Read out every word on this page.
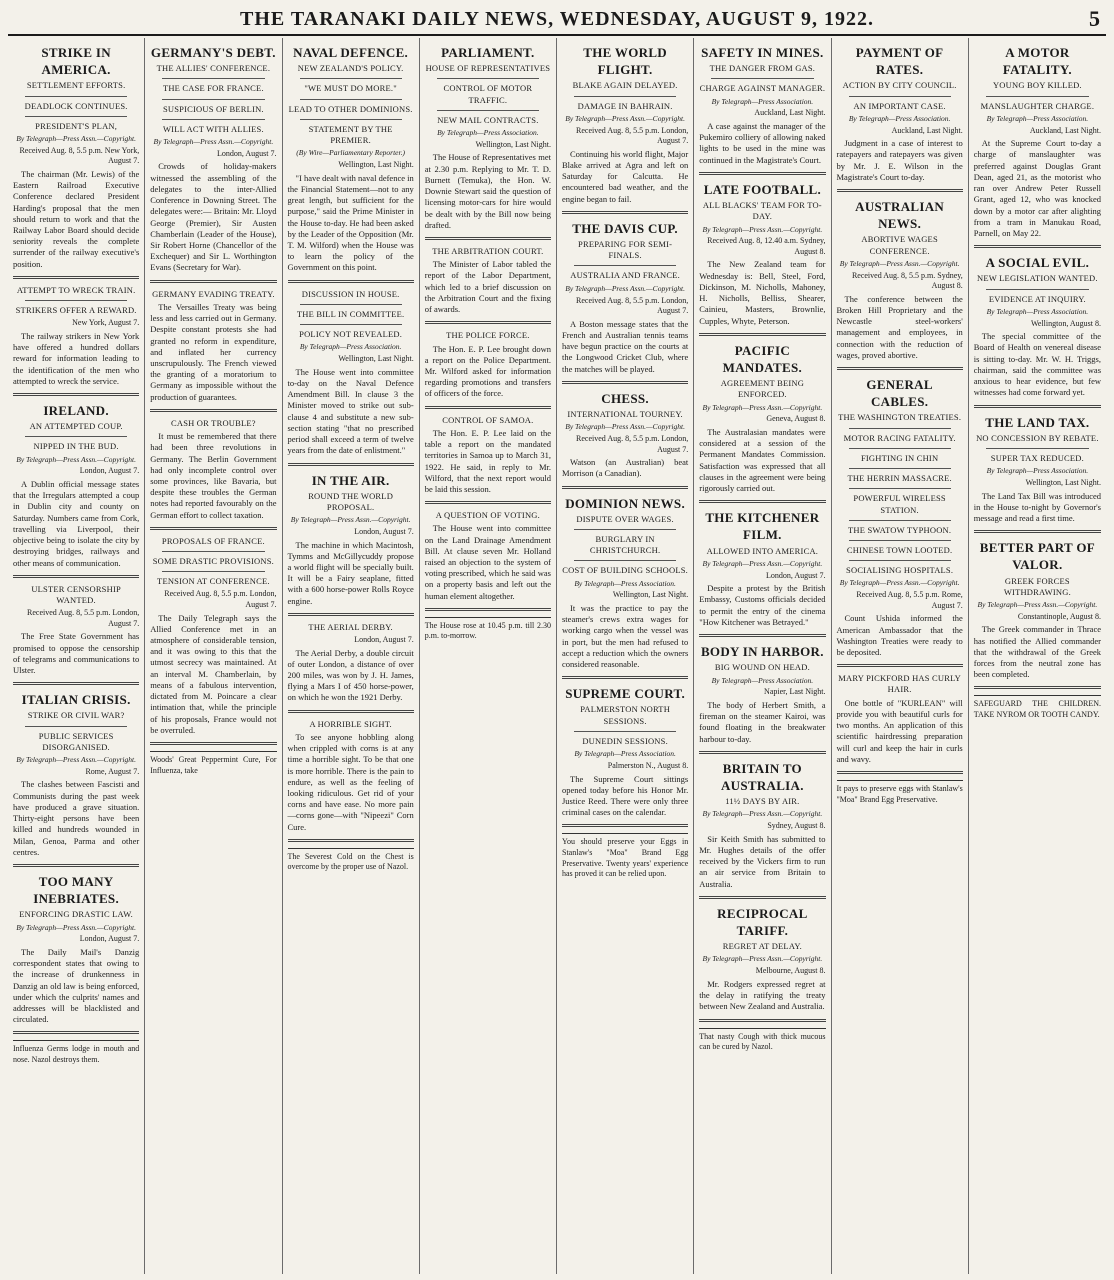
THE TARANAKI DAILY NEWS, WEDNESDAY, AUGUST 9, 1922.	5
STRIKE IN AMERICA.
SETTLEMENT EFFORTS.
DEADLOCK CONTINUES.
PRESIDENT'S PLAN,
By Telegraph—Press Assn.—Copyright.
Received Aug. 8, 5.5 p.m. New York, August 7.

The chairman (Mr. Lewis) of the Eastern Railroad Executive Conference declared President Harding's proposal that the men should return to work and that the Railway Labor Board should decide seniority reveals the complete surrender of the railway executive's position.

ATTEMPT TO WRECK TRAIN.
STRIKERS OFFER A REWARD.
New York, August 7.

The railway strikers in New York have offered a hundred dollars reward for information leading to the identification of the men who attempted to wreck the service.

IRELAND.
AN ATTEMPTED COUP.
NIPPED IN THE BUD.
By Telegraph—Press Assn.—Copyright.
London, August 7.

A Dublin official message states that the Irregulars attempted a coup in Dublin city and county on Saturday. Numbers came from Cork, travelling via Liverpool, their objective being to isolate the city by destroying bridges, railways and other means of communication.

ULSTER CENSORSHIP WANTED.
Received Aug. 8, 5.5 p.m. London, August 7.

The Free State Government has promised to oppose the censorship of telegrams and communications to Ulster.

ITALIAN CRISIS.
STRIKE OR CIVIL WAR?
PUBLIC SERVICES DISORGANISED.
By Telegraph—Press Assn.—Copyright.
Rome, August 7.

The clashes between Fascisti and Communists during the past week have produced a grave situation. Thirty-eight persons have been killed and hundreds wounded in Milan, Genoa, Parma and other centres.

TOO MANY INEBRIATES.
ENFORCING DRASTIC LAW.
By Telegraph—Press Assn.—Copyright.
London, August 7.

The Daily Mail's Danzig correspondent states that owing to the increase of drunkenness in Danzig an old law is being enforced, under which the culprits' names and addresses will be blacklisted and circulated.

Influenza Germs lodge in mouth and nose. Nazol destroys them.
GERMANY'S DEBT.
THE ALLIES' CONFERENCE.
THE CASE FOR FRANCE.
SUSPICIOUS OF BERLIN.
WILL ACT WITH ALLIES.
By Telegraph—Press Assn.—Copyright.
London, August 7.

Crowds of holiday-makers witnessed the assembling of the delegates to the inter-Allied Conference in Downing Street. The delegates were:— Britain: Mr. Lloyd George (Premier), Sir Austen Chamberlain (Leader of the House), Sir Robert Horne (Chancellor of the Exchequer) and Sir L. Worthington Evans (Secretary for War).

GERMANY EVADING TREATY.

The Versailles Treaty was being less and less carried out in Germany. Despite constant protests she had granted no reform in expenditure, and inflated her currency unscrupulously. The French viewed the granting of a moratorium to Germany as impossible without the production of guarantees.

CASH OR TROUBLE?

It must be remembered that there had been three revolutions in Germany. The Berlin Government had only incomplete control over some provinces, like Bavaria, but despite these troubles the German notes had reported favourably on the German effort to collect taxation.

PROPOSALS OF FRANCE.
SOME DRASTIC PROVISIONS.
TENSION AT CONFERENCE.
Received Aug. 8, 5.5 p.m. London, August 7.

The Daily Telegraph says the Allied Conference met in an atmosphere of considerable tension, and it was owing to this that the utmost secrecy was maintained. At an interval M. Chamberlain, by means of a fabulous intervention, dictated from M. Poincare a clear intimation that, while the principle of his proposals, France would not be overruled.

Woods' Great Peppermint Cure, For Influenza, take
NAVAL DEFENCE.
NEW ZEALAND'S POLICY.
"WE MUST DO MORE."
LEAD TO OTHER DOMINIONS.
STATEMENT BY THE PREMIER.
(By Wire—Parliamentary Reporter.)
Wellington, Last Night.

"I have dealt with naval defence in the Financial Statement—not to any great length, but sufficient for the purpose," said the Prime Minister in the House to-day. He had been asked by the Leader of the Opposition (Mr. T. M. Wilford) when the House was to learn the policy of the Government on this point.

DISCUSSION IN HOUSE.
THE BILL IN COMMITTEE.
POLICY NOT REVEALED.
By Telegraph—Press Association.
Wellington, Last Night.

The House went into committee to-day on the Naval Defence Amendment Bill. In clause 3 the Minister moved to strike out sub-clause 4 and substitute a new sub-section stating "that no prescribed period shall exceed a term of twelve years from the date of enlistment."

IN THE AIR.
ROUND THE WORLD PROPOSAL.
By Telegraph—Press Assn.—Copyright.
London, August 7.

The machine in which Macintosh, Tymms and McGillycuddy propose a world flight will be specially built. It will be a Fairy seaplane, fitted with a 600 horse-power Rolls Royce engine.

THE AERIAL DERBY.
London, August 7.

The Aerial Derby, a double circuit of outer London, a distance of over 200 miles, was won by J. H. James, flying a Mars I of 450 horse-power, on which he won the 1921 Derby.

A HORRIBLE SIGHT.

To see anyone hobbling along when crippled with corns is at any time a horrible sight. To be that one is more horrible. There is the pain to endure, as well as the feeling of looking ridiculous. Get rid of your corns and have ease. No more pain—corns gone—with "Nipeezi" Corn Cure.

The Severest Cold on the Chest is overcome by the proper use of Nazol.
PARLIAMENT.
HOUSE OF REPRESENTATIVES
CONTROL OF MOTOR TRAFFIC.
NEW MAIL CONTRACTS.
By Telegraph—Press Association.
Wellington, Last Night.

The House of Representatives met at 2.30 p.m. Replying to Mr. T. D. Burnett (Temuka), the Hon. W. Downie Stewart said the question of licensing motor-cars for hire would be dealt with by the Bill now being drafted.

THE ARBITRATION COURT.

The Minister of Labor tabled the report of the Labor Department, which led to a brief discussion on the Arbitration Court and the fixing of awards.

THE POLICE FORCE.

The Hon. E. P. Lee brought down a report on the Police Department. Mr. Wilford asked for information regarding promotions and transfers of officers of the force.

CONTROL OF SAMOA.

The Hon. E. P. Lee laid on the table a report on the mandated territories in Samoa up to March 31, 1922. He said, in reply to Mr. Wilford, that the next report would be laid this session.

A QUESTION OF VOTING.

The House went into committee on the Land Drainage Amendment Bill. At clause seven Mr. Holland raised an objection to the system of voting prescribed, which he said was on a property basis and left out the human element altogether.

The House rose at 10.45 p.m. till 2.30 p.m. to-morrow.
THE WORLD FLIGHT.
BLAKE AGAIN DELAYED.
DAMAGE IN BAHRAIN.
By Telegraph—Press Assn.—Copyright.
Received Aug. 8, 5.5 p.m. London, August 7.

Continuing his world flight, Major Blake arrived at Agra and left on Saturday for Calcutta. He encountered bad weather, and the engine began to fail.

THE DAVIS CUP.
PREPARING FOR SEMI-FINALS.
AUSTRALIA AND FRANCE.
By Telegraph—Press Assn.—Copyright.
Received Aug. 8, 5.5 p.m. London, August 7.

A Boston message states that the French and Australian tennis teams have begun practice on the courts at the Longwood Cricket Club, where the matches will be played.

CHESS.
INTERNATIONAL TOURNEY.
By Telegraph—Press Assn.—Copyright.
Received Aug. 8, 5.5 p.m. London, August 7.

Watson (an Australian) beat Morrison (a Canadian).

DOMINION NEWS.
DISPUTE OVER WAGES.
BURGLARY IN CHRISTCHURCH.
COST OF BUILDING SCHOOLS.
By Telegraph—Press Association.
Wellington, Last Night.

It was the practice to pay the steamer's crews extra wages for working cargo when the vessel was in port, but the men had refused to accept a reduction which the owners considered reasonable.

SUPREME COURT.
PALMERSTON NORTH SESSIONS.
DUNEDIN SESSIONS.
By Telegraph—Press Association.
Palmerston N., August 8.

The Supreme Court sittings opened today before his Honor Mr. Justice Reed. There were only three criminal cases on the calendar.

You should preserve your Eggs in Stanlaw's "Moa" Brand Egg Preservative. Twenty years' experience has proved it can be relied upon.
SAFETY IN MINES.
THE DANGER FROM GAS.
CHARGE AGAINST MANAGER.
By Telegraph—Press Association.
Auckland, Last Night.

A case against the manager of the Pukemiro colliery of allowing naked lights to be used in the mine was continued in the Magistrate's Court.

LATE FOOTBALL.
ALL BLACKS' TEAM FOR TO-DAY.
By Telegraph—Press Assn.—Copyright.
Received Aug. 8, 12.40 a.m. Sydney, August 8.

The New Zealand team for Wednesday is: Bell, Steel, Ford, Dickinson, M. Nicholls, Mahoney, H. Nicholls, Belliss, Shearer, Cainieu, Masters, Brownlie, Cupples, Whyte, Peterson.

PACIFIC MANDATES.
AGREEMENT BEING ENFORCED.
By Telegraph—Press Assn.—Copyright.
Geneva, August 8.

The Australasian mandates were considered at a session of the Permanent Mandates Commission. Satisfaction was expressed that all clauses in the agreement were being rigorously carried out.

THE KITCHENER FILM.
ALLOWED INTO AMERICA.
By Telegraph—Press Assn.—Copyright.
London, August 7.

Despite a protest by the British Embassy, Customs officials decided to permit the entry of the cinema "How Kitchener was Betrayed."

BODY IN HARBOR.
BIG WOUND ON HEAD.
By Telegraph—Press Association.
Napier, Last Night.

The body of Herbert Smith, a fireman on the steamer Kairoi, was found floating in the breakwater harbour to-day.

BRITAIN TO AUSTRALIA.
11½ DAYS BY AIR.
By Telegraph—Press Assn.—Copyright.
Sydney, August 8.

Sir Keith Smith has submitted to Mr. Hughes details of the offer received by the Vickers firm to run an air service from Britain to Australia.

RECIPROCAL TARIFF.
REGRET AT DELAY.
By Telegraph—Press Assn.—Copyright.
Melbourne, August 8.

Mr. Rodgers expressed regret at the delay in ratifying the treaty between New Zealand and Australia.

That nasty Cough with thick mucous can be cured by Nazol.
PAYMENT OF RATES.
ACTION BY CITY COUNCIL.
AN IMPORTANT CASE.
By Telegraph—Press Association.
Auckland, Last Night.

Judgment in a case of interest to ratepayers and ratepayers was given by Mr. J. E. Wilson in the Magistrate's Court to-day.

AUSTRALIAN NEWS.
ABORTIVE WAGES CONFERENCE.
By Telegraph—Press Assn.—Copyright.
Received Aug. 8, 5.5 p.m. Sydney, August 8.

The conference between the Broken Hill Proprietary and the Newcastle steel-workers' management and employees, in connection with the reduction of wages, proved abortive.

GENERAL CABLES.
THE WASHINGTON TREATIES.
MOTOR RACING FATALITY.
FIGHTING IN CHIN
THE HERRIN MASSACRE.
POWERFUL WIRELESS STATION.
THE SWATOW TYPHOON.
CHINESE TOWN LOOTED.
SOCIALISING HOSPITALS.
By Telegraph—Press Assn.—Copyright.
Received Aug. 8, 5.5 p.m. Rome, August 7.

Count Ushida informed the American Ambassador that the Washington Treaties were ready to be deposited.

MARY PICKFORD HAS CURLY HAIR.

One bottle of "KURLEAN" will provide you with beautiful curls for two months. An application of this scientific hairdressing preparation will curl and keep the hair in curls and wavy.

It pays to preserve eggs with Stanlaw's "Moa" Brand Egg Preservative.
A MOTOR FATALITY.
YOUNG BOY KILLED.
MANSLAUGHTER CHARGE.
By Telegraph—Press Association.
Auckland, Last Night.

At the Supreme Court to-day a charge of manslaughter was preferred against Douglas Grant Dean, aged 21, as the motorist who ran over Andrew Peter Russell Grant, aged 12, who was knocked down by a motor car after alighting from a tram in Manukau Road, Parnell, on May 22.

A SOCIAL EVIL.
NEW LEGISLATION WANTED.
EVIDENCE AT INQUIRY.
By Telegraph—Press Association.
Wellington, August 8.

The special committee of the Board of Health on venereal disease is sitting to-day. Mr. W. H. Triggs, chairman, said the committee was anxious to hear evidence, but few witnesses had come forward yet.

THE LAND TAX.
NO CONCESSION BY REBATE.
SUPER TAX REDUCED.
By Telegraph—Press Association.
Wellington, Last Night.

The Land Tax Bill was introduced in the House to-night by Governor's message and read a first time.

BETTER PART OF VALOR.
GREEK FORCES WITHDRAWING.
By Telegraph—Press Assn.—Copyright.
Constantinople, August 8.

The Greek commander in Thrace has notified the Allied commander that the withdrawal of the Greek forces from the neutral zone has been completed.

SAFEGUARD THE CHILDREN. TAKE NYROM OR TOOTH CANDY.
